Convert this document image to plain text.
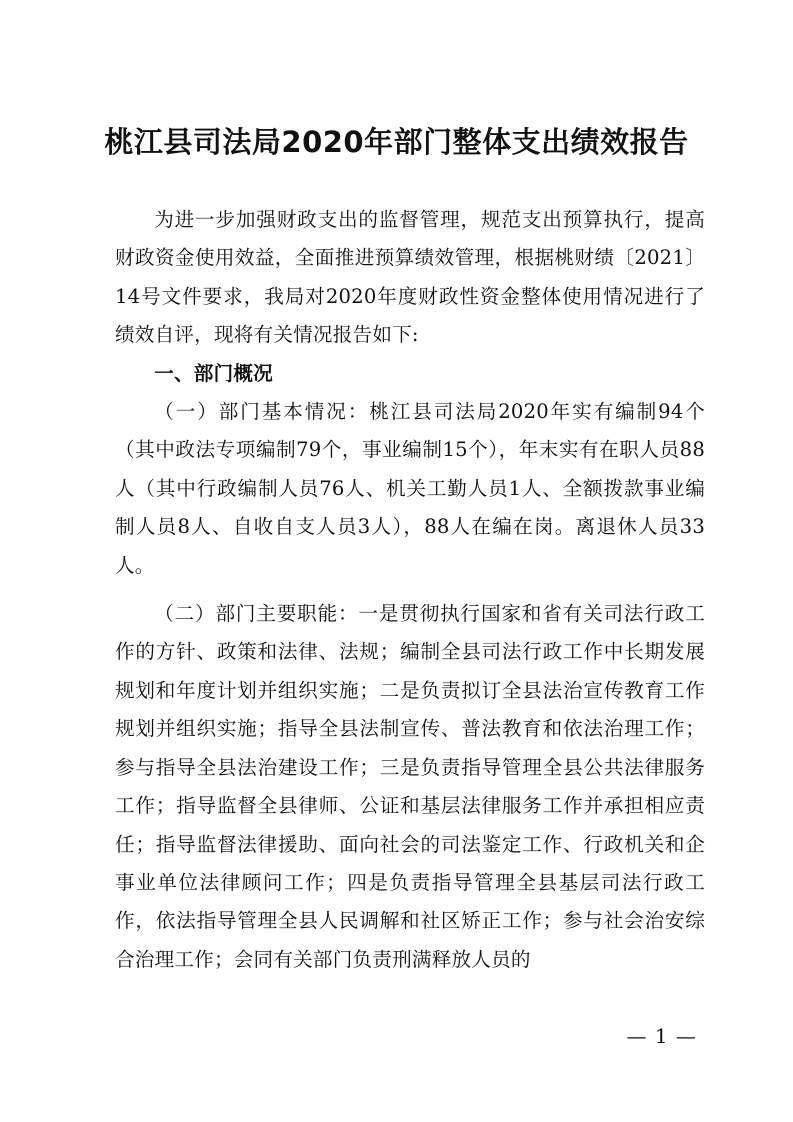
桃江县司法局2020年部门整体支出绩效报告

为进一步加强财政支出的监督管理，规范支出预算执行，提高财政资金使用效益，全面推进预算绩效管理，根据桃财绩〔2021〕14号文件要求，我局对2020年度财政性资金整体使用情况进行了绩效自评，现将有关情况报告如下:

一、部门概况

（一）部门基本情况：桃江县司法局2020年实有编制94个（其中政法专项编制79个，事业编制15个），年末实有在职人员88人（其中行政编制人员76人、机关工勤人员1人、全额拨款事业编制人员8人、自收自支人员3人），88人在编在岗。离退休人员33人。

（二）部门主要职能：一是贯彻执行国家和省有关司法行政工作的方针、政策和法律、法规；编制全县司法行政工作中长期发展规划和年度计划并组织实施；二是负责拟订全县法治宣传教育工作规划并组织实施；指导全县法制宣传、普法教育和依法治理工作；参与指导全县法治建设工作；三是负责指导管理全县公共法律服务工作；指导监督全县律师、公证和基层法律服务工作并承担相应责任；指导监督法律援助、面向社会的司法鉴定工作、行政机关和企事业单位法律顾问工作；四是负责指导管理全县基层司法行政工作，依法指导管理全县人民调解和社区矫正工作；参与社会治安综合治理工作；会同有关部门负责刑满释放人员的

— 1 —
